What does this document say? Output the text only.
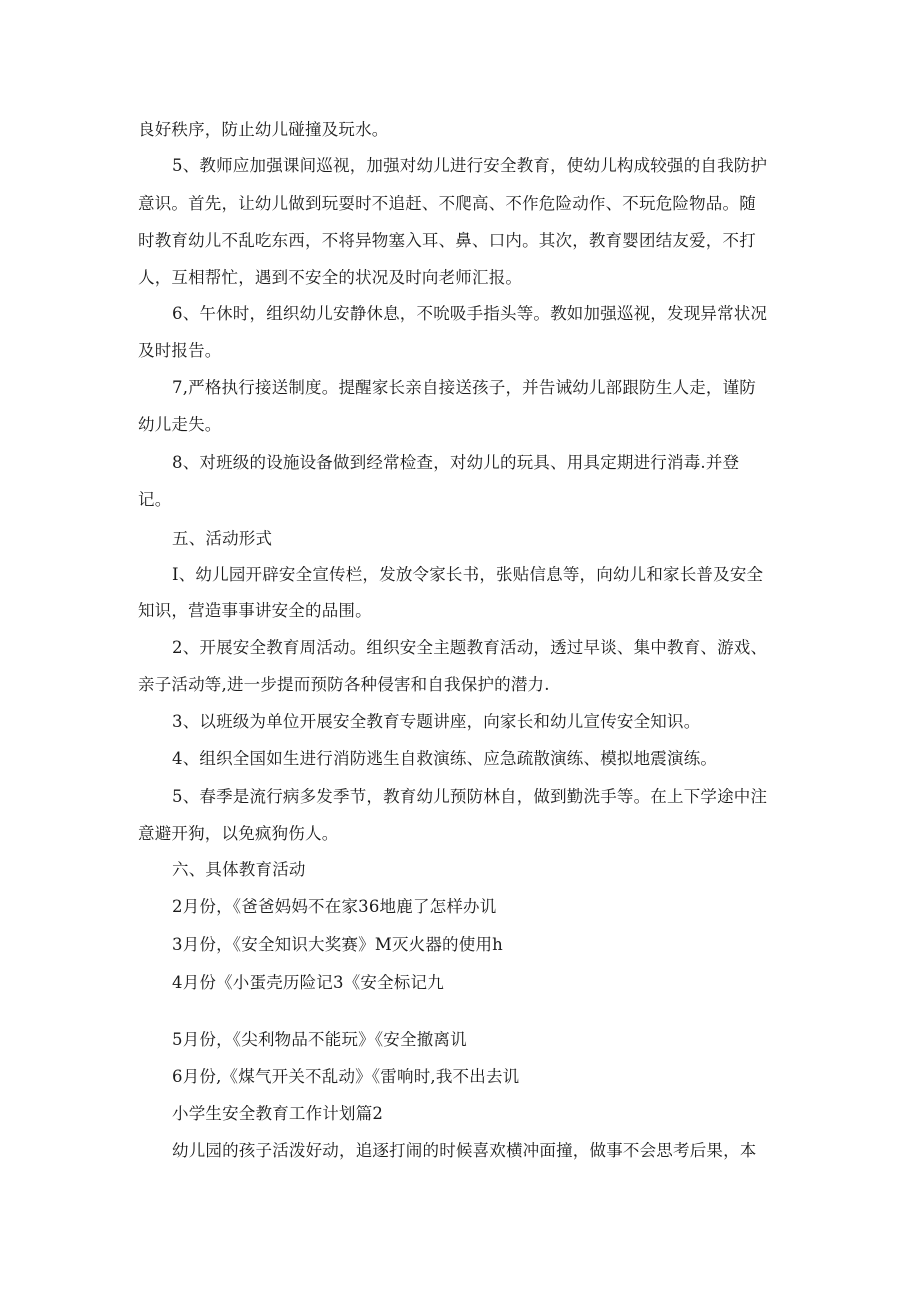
良好秩序，防止幼儿碰撞及玩水。
5、教师应加强课间巡视，加强对幼儿进行安全教育，使幼儿构成较强的自我防护
意识。首先，让幼儿做到玩耍时不追赶、不爬高、不作危险动作、不玩危险物品。随
时教育幼儿不乱吃东西，不将异物塞入耳、鼻、口内。其次，教育婴团结友爱，不打
人，互相帮忙，遇到不安全的状况及时向老师汇报。
6、午休时，组织幼儿安静休息，不吮吸手指头等。教如加强巡视，发现异常状况
及时报告。
7,严格执行接送制度。提醒家长亲自接送孩子，并告诫幼儿部跟防生人走，谨防
幼儿走失。
8、对班级的设施设备做到经常检查，对幼儿的玩具、用具定期进行消毒.并登
记。
五、活动形式
I、幼儿园开辟安全宣传栏，发放令家长书，张贴信息等，向幼儿和家长普及安全
知识，营造事事讲安全的品围。
2、开展安全教育周活动。组织安全主题教育活动，透过早谈、集中教育、游戏、
亲子活动等,进一步提而预防各种侵害和自我保护的潜力.
3、以班级为单位开展安全教育专题讲座，向家长和幼儿宣传安全知识。
4、组织全国如生进行消防逃生自救演练、应急疏散演练、模拟地震演练。
5、春季是流行病多发季节，教育幼儿预防林自，做到勤洗手等。在上下学途中注
意避开狗，以免疯狗伤人。
六、具体教育活动
2月份，《爸爸妈妈不在家36地鹿了怎样办讥
3月份，《安全知识大奖赛》M灭火器的使用h
4月份《小蛋壳历险记3《安全标记九
5月份，《尖利物品不能玩》《安全撤离讥
6月份,《煤气开关不乱动》《雷响时,我不出去讥
小学生安全教育工作计划篇2
幼儿园的孩子活泼好动，追逐打闹的时候喜欢横冲面撞，做事不会思考后果，本
